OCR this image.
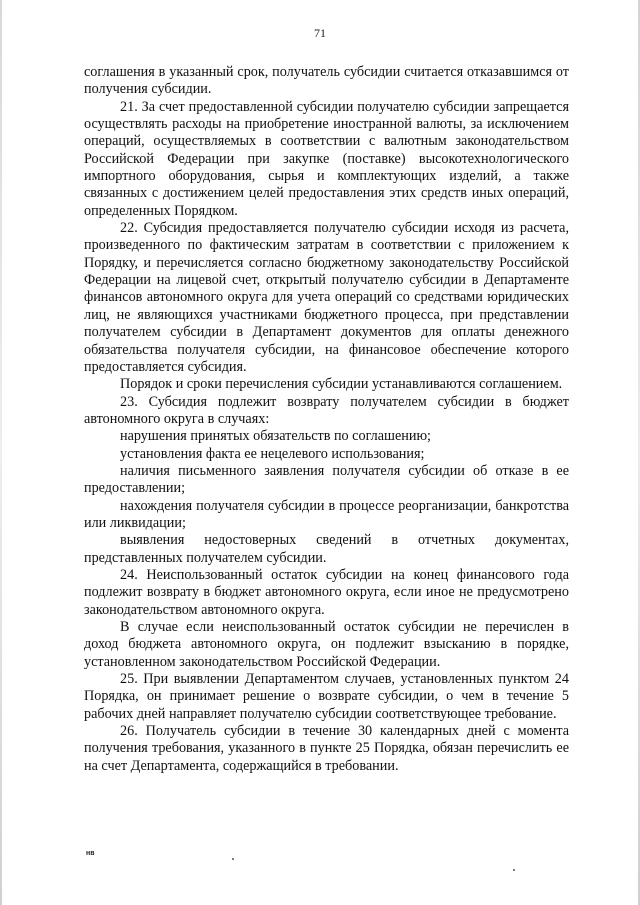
71

соглашения в указанный срок, получатель субсидии считается отказавшимся от получения субсидии.

21. За счет предоставленной субсидии получателю субсидии запрещается осуществлять расходы на приобретение иностранной валюты, за исключением операций, осуществляемых в соответствии с валютным законодательством Российской Федерации при закупке (поставке) высокотехнологического импортного оборудования, сырья и комплектующих изделий, а также связанных с достижением целей предоставления этих средств иных операций, определенных Порядком.

22. Субсидия предоставляется получателю субсидии исходя из расчета, произведенного по фактическим затратам в соответствии с приложением к Порядку, и перечисляется согласно бюджетному законодательству Российской Федерации на лицевой счет, открытый получателю субсидии в Департаменте финансов автономного округа для учета операций со средствами юридических лиц, не являющихся участниками бюджетного процесса, при представлении получателем субсидии в Департамент документов для оплаты денежного обязательства получателя субсидии, на финансовое обеспечение которого предоставляется субсидия.

Порядок и сроки перечисления субсидии устанавливаются соглашением.

23. Субсидия подлежит возврату получателем субсидии в бюджет автономного округа в случаях:

нарушения принятых обязательств по соглашению;

установления факта ее нецелевого использования;

наличия письменного заявления получателя субсидии об отказе в ее предоставлении;

нахождения получателя субсидии в процессе реорганизации, банкротства или ликвидации;

выявления недостоверных сведений в отчетных документах, представленных получателем субсидии.

24. Неиспользованный остаток субсидии на конец финансового года подлежит возврату в бюджет автономного округа, если иное не предусмотрено законодательством автономного округа.

В случае если неиспользованный остаток субсидии не перечислен в доход бюджета автономного округа, он подлежит взысканию в порядке, установленном законодательством Российской Федерации.

25. При выявлении Департаментом случаев, установленных пунктом 24 Порядка, он принимает решение о возврате субсидии, о чем в течение 5 рабочих дней направляет получателю субсидии соответствующее требование.

26. Получатель субсидии в течение 30 календарных дней с момента получения требования, указанного в пункте 25 Порядка, обязан перечислить ее на счет Департамента, содержащийся в требовании.

нв
